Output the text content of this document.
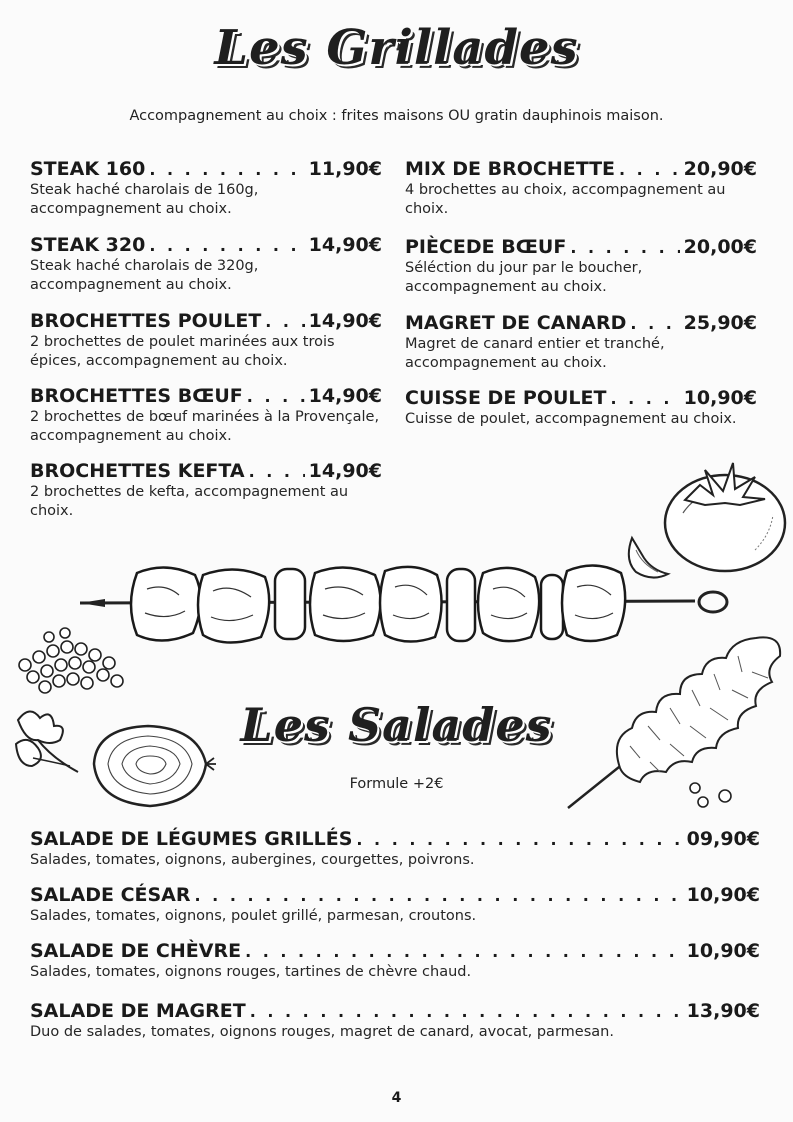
Les Grillades
Accompagnement au choix : frites maisons OU gratin dauphinois maison.
STEAK 160 . . .	11,90€
Steak haché charolais de 160g, accompagnement au choix.
STEAK 320 . . .	14,90€
Steak haché charolais de 320g, accompagnement au choix.
BROCHETTES POULET . . . 14,90€
2 brochettes de poulet marinées aux trois épices, accompagnement au choix.
BROCHETTES BŒUF . . .	14,90€
2 brochettes de bœuf marinées à la Provençale, accompagnement au choix.
BROCHETTES KEFTA . . .	14,90€
2 brochettes de kefta, accompagnement au choix.
MIX DE BROCHETTE . . .	20,90€
4 brochettes au choix, accompagnement au choix.
PIÈCEDE BŒUF . . .	20,00€
Séléction du jour par le boucher, accompagnement au choix.
MAGRET DE CANARD . . .	25,90€
Magret de canard entier et tranché, accompagnement au choix.
CUISSE DE POULET . . .	10,90€
Cuisse de poulet, accompagnement au choix.
Les Salades
Formule +2€
SALADE DE LÉGUMES GRILLÉS . . .	09,90€
Salades, tomates, oignons, aubergines, courgettes, poivrons.
SALADE CÉSAR . . .	10,90€
Salades, tomates, oignons, poulet grillé, parmesan, croutons.
SALADE DE CHÈVRE . . .	10,90€
Salades, tomates, oignons rouges, tartines de chèvre chaud.
SALADE DE MAGRET . . .	13,90€
Duo de salades, tomates, oignons rouges, magret de canard, avocat, parmesan.
4
